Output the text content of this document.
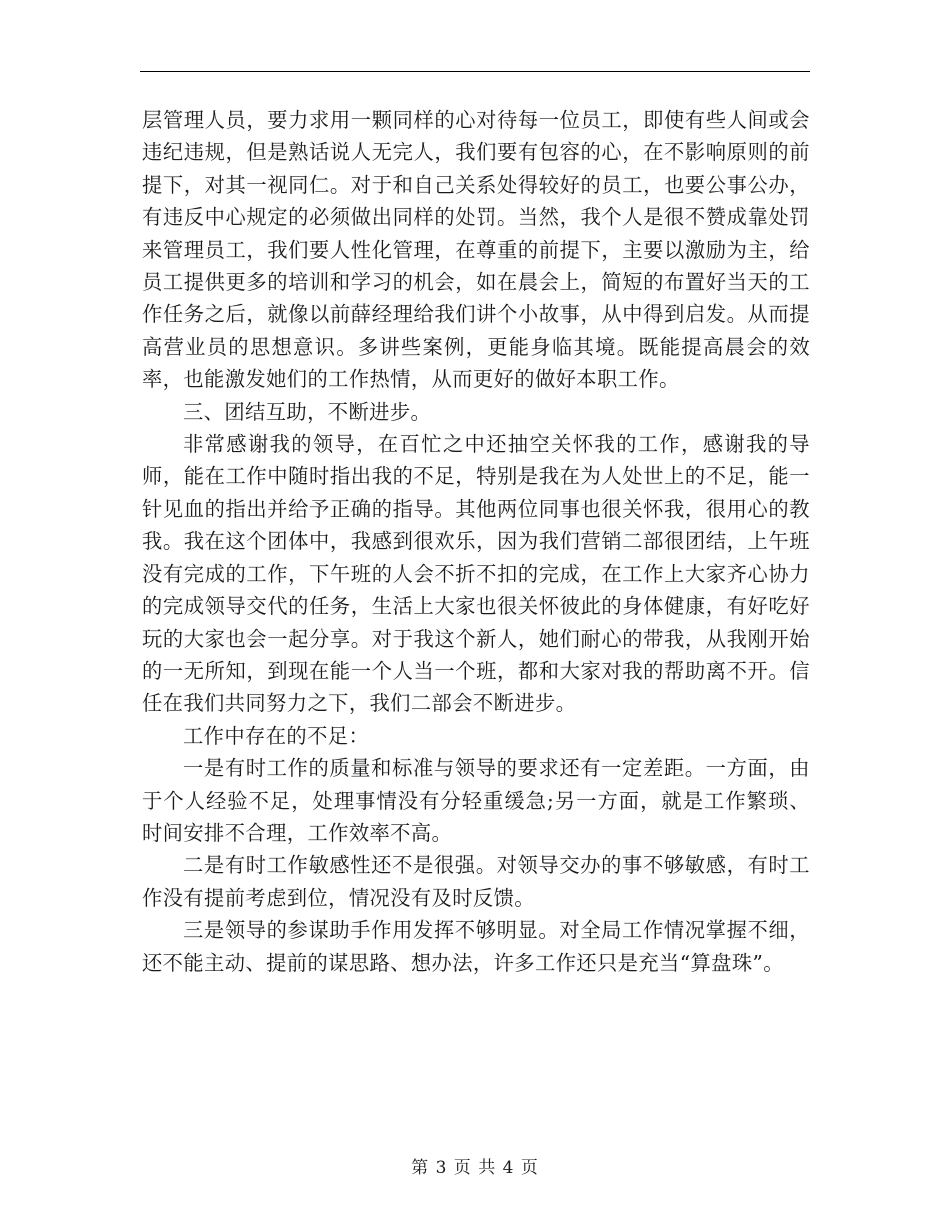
层管理人员，要力求用一颗同样的心对待每一位员工，即使有些人间或会违纪违规，但是熟话说人无完人，我们要有包容的心，在不影响原则的前提下，对其一视同仁。对于和自己关系处得较好的员工，也要公事公办，有违反中心规定的必须做出同样的处罚。当然，我个人是很不赞成靠处罚来管理员工，我们要人性化管理，在尊重的前提下，主要以激励为主，给员工提供更多的培训和学习的机会，如在晨会上，简短的布置好当天的工作任务之后，就像以前薛经理给我们讲个小故事，从中得到启发。从而提高营业员的思想意识。多讲些案例，更能身临其境。既能提高晨会的效率，也能激发她们的工作热情，从而更好的做好本职工作。

三、团结互助，不断进步。

非常感谢我的领导，在百忙之中还抽空关怀我的工作，感谢我的导师，能在工作中随时指出我的不足，特别是我在为人处世上的不足，能一针见血的指出并给予正确的指导。其他两位同事也很关怀我，很用心的教我。我在这个团体中，我感到很欢乐，因为我们营销二部很团结，上午班没有完成的工作，下午班的人会不折不扣的完成，在工作上大家齐心协力的完成领导交代的任务，生活上大家也很关怀彼此的身体健康，有好吃好玩的大家也会一起分享。对于我这个新人，她们耐心的带我，从我刚开始的一无所知，到现在能一个人当一个班，都和大家对我的帮助离不开。信任在我们共同努力之下，我们二部会不断进步。

工作中存在的不足：

一是有时工作的质量和标准与领导的要求还有一定差距。一方面，由于个人经验不足，处理事情没有分轻重缓急;另一方面，就是工作繁琐、时间安排不合理，工作效率不高。

二是有时工作敏感性还不是很强。对领导交办的事不够敏感，有时工作没有提前考虑到位，情况没有及时反馈。

三是领导的参谋助手作用发挥不够明显。对全局工作情况掌握不细，还不能主动、提前的谋思路、想办法，许多工作还只是充当“算盘珠”。

第 3 页 共 4 页
